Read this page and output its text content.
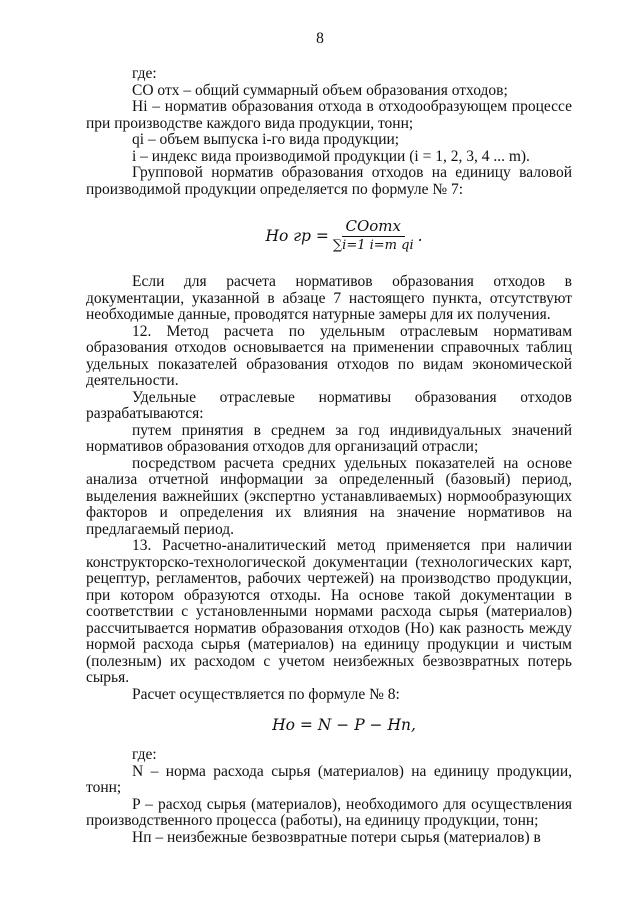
8

где:

CO отх – общий суммарный объем образования отходов;

Hi – норматив образования отхода в отходообразующем процессе при производстве каждого вида продукции, тонн;

qi – объем выпуска i-го вида продукции;

i – индекс вида производимой продукции (i = 1, 2, 3, 4 ... m).

Групповой норматив образования отходов на единицу валовой производимой продукции определяется по формуле № 7:

Hо гр = $\frac{\text{COотх}}{\text{∑i=1 i=m qi}}$ .

Если для расчета нормативов образования отходов в документации, указанной в абзаце 7 настоящего пункта, отсутствуют необходимые данные, проводятся натурные замеры для их получения.

12. Метод расчета по удельным отраслевым нормативам образования отходов основывается на применении справочных таблиц удельных показателей образования отходов по видам экономической деятельности.

Удельные отраслевые нормативы образования отходов разрабатываются:

путем принятия в среднем за год индивидуальных значений нормативов образования отходов для организаций отрасли;

посредством расчета средних удельных показателей на основе анализа отчетной информации за определенный (базовый) период, выделения важнейших (экспертно устанавливаемых) нормообразующих факторов и определения их влияния на значение нормативов на предлагаемый период.

13. Расчетно-аналитический метод применяется при наличии конструкторско-технологической документации (технологических карт, рецептур, регламентов, рабочих чертежей) на производство продукции, при котором образуются отходы. На основе такой документации в соответствии с установленными нормами расхода сырья (материалов) рассчитывается норматив образования отходов (Hо) как разность между нормой расхода сырья (материалов) на единицу продукции и чистым (полезным) их расходом с учетом неизбежных безвозвратных потерь сырья.

Расчет осуществляется по формуле № 8:

Hо = N − P − Hп,

где:

N – норма расхода сырья (материалов) на единицу продукции, тонн;

P – расход сырья (материалов), необходимого для осуществления производственного процесса (работы), на единицу продукции, тонн;

Hп – неизбежные безвозвратные потери сырья (материалов) в
